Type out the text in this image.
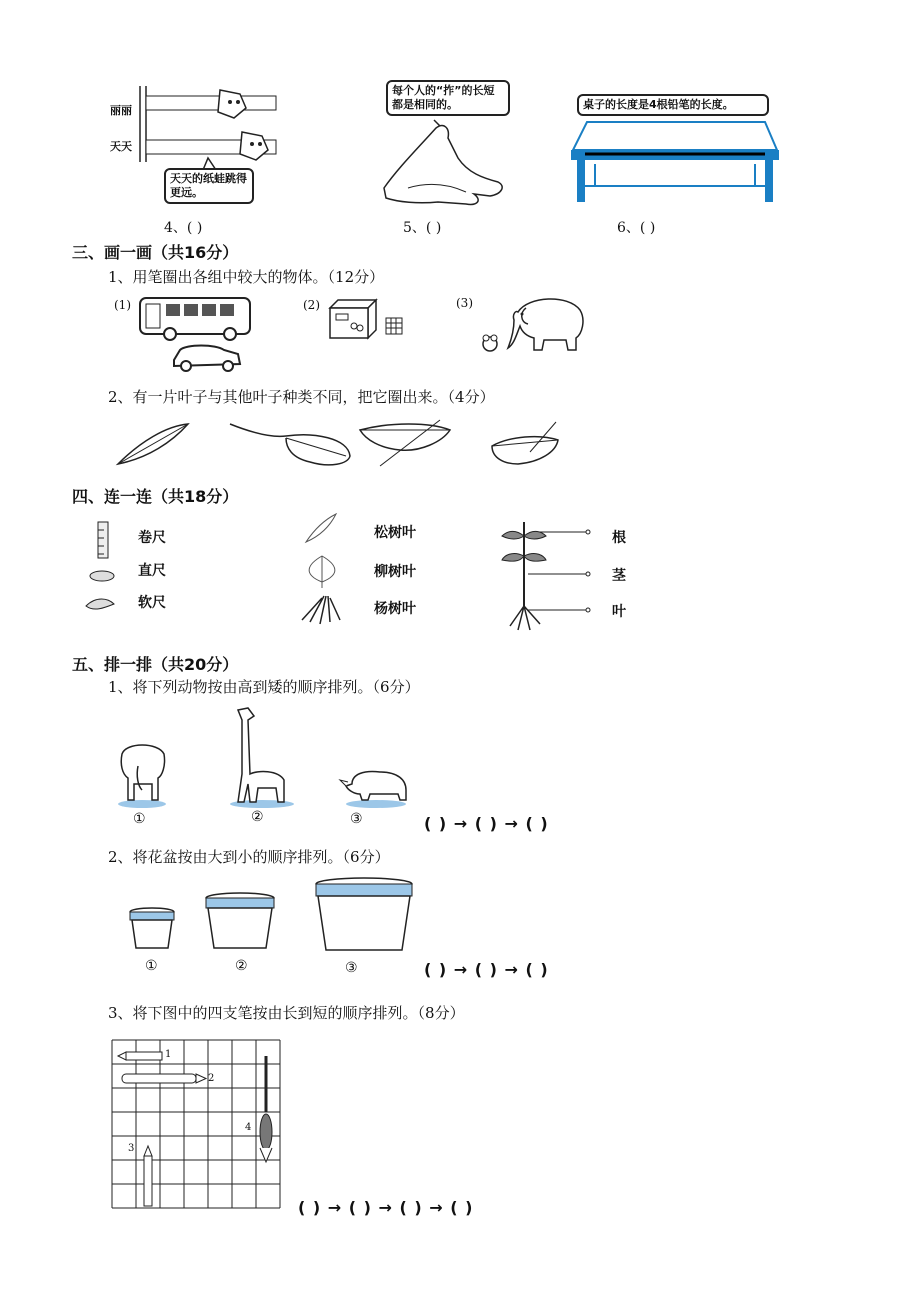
丽丽
天天
天天的纸蛙跳得更远。
4、( )
每个人的“拃”的长短都是相同的。
5、( )
桌子的长度是4根铅笔的长度。
6、( )
三、画一画（共16分）
1、用笔圈出各组中较大的物体。（12分）
(1)	(2)	(3)
2、有一片叶子与其他叶子种类不同，把它圈出来。（4分）
四、连一连（共18分）
卷尺
直尺
软尺
松树叶
柳树叶
杨树叶
根
茎
叶
五、排一排（共20分）
1、将下列动物按由高到矮的顺序排列。（6分）
①	②	③	( ) → ( ) → ( )
2、将花盆按由大到小的顺序排列。（6分）
①	②	③	( ) → ( ) → ( )
3、将下图中的四支笔按由长到短的顺序排列。（8分）
1
2
3
4
( ) → ( ) → ( ) → ( )
